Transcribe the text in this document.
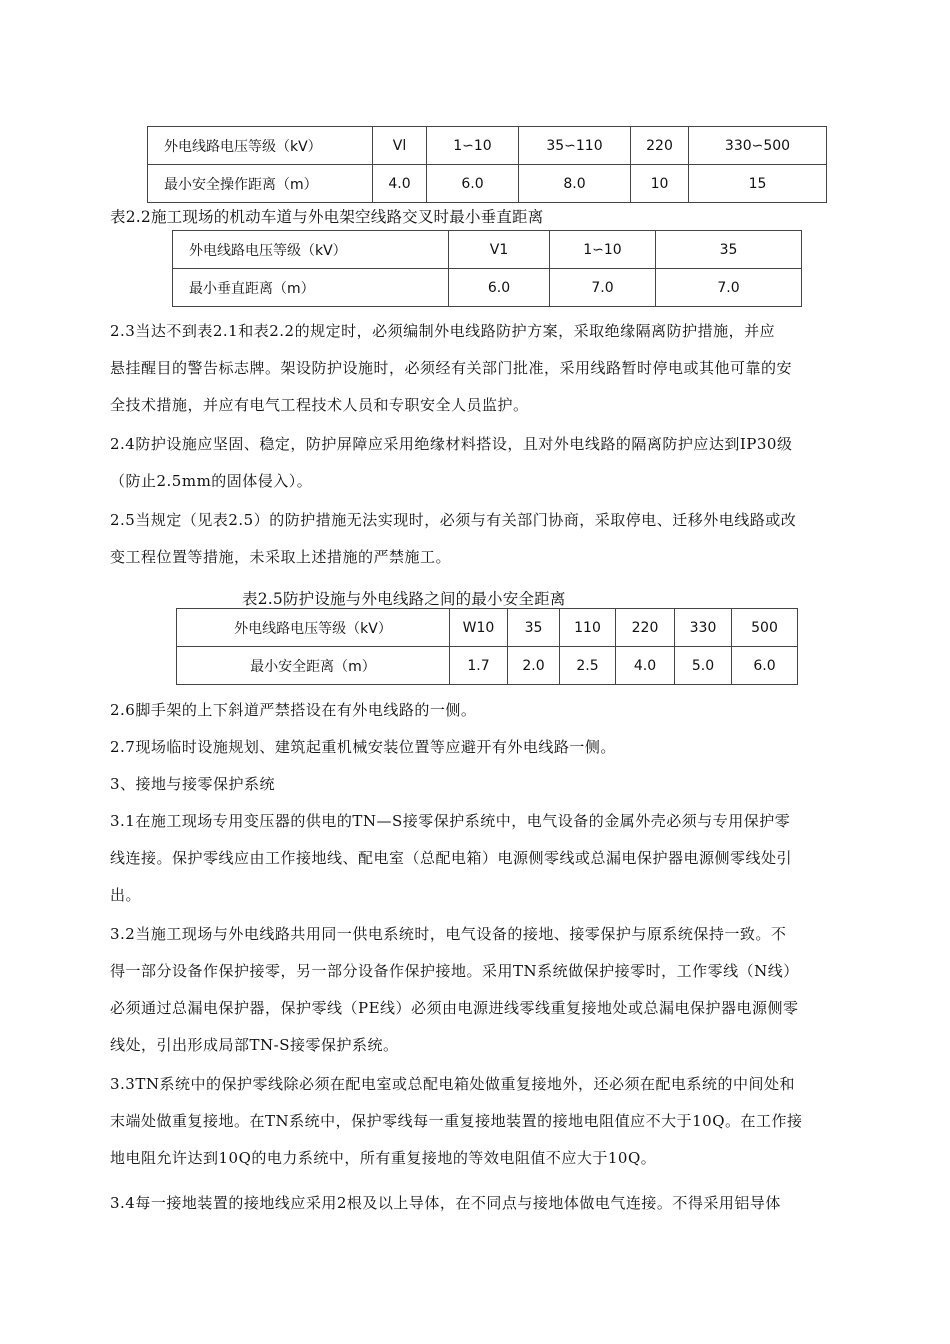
外电线路电压等级（kV）	Vl	1∽10	35∽110	220	330∽500
最小安全操作距离（m）	4.0	6.0	8.0	10	15
表2.2施工现场的机动车道与外电架空线路交叉时最小垂直距离
外电线路电压等级（kV）	V1	1∽10	35
最小垂直距离（m）	6.0	7.0	7.0
2.3当达不到表2.1和表2.2的规定时，必须编制外电线路防护方案，采取绝缘隔离防护措施，并应
悬挂醒目的警告标志牌。架设防护设施时，必须经有关部门批准，采用线路暂时停电或其他可靠的安
全技术措施，并应有电气工程技术人员和专职安全人员监护。
2.4防护设施应坚固、稳定，防护屏障应采用绝缘材料搭设，且对外电线路的隔离防护应达到IP30级
（防止2.5mm的固体侵入）。
2.5当规定（见表2.5）的防护措施无法实现时，必须与有关部门协商，采取停电、迁移外电线路或改
变工程位置等措施，未采取上述措施的严禁施工。
表2.5防护设施与外电线路之间的最小安全距离
外电线路电压等级（kV）	W10	35	110	220	330	500
最小安全距离（m）	1.7	2.0	2.5	4.0	5.0	6.0
2.6脚手架的上下斜道严禁搭设在有外电线路的一侧。
2.7现场临时设施规划、建筑起重机械安装位置等应避开有外电线路一侧。
3、接地与接零保护系统
3.1在施工现场专用变压器的供电的TN—S接零保护系统中，电气设备的金属外壳必须与专用保护零
线连接。保护零线应由工作接地线、配电室（总配电箱）电源侧零线或总漏电保护器电源侧零线处引
出。
3.2当施工现场与外电线路共用同一供电系统时，电气设备的接地、接零保护与原系统保持一致。不
得一部分设备作保护接零，另一部分设备作保护接地。采用TN系统做保护接零时，工作零线（N线）
必须通过总漏电保护器，保护零线（PE线）必须由电源进线零线重复接地处或总漏电保护器电源侧零
线处，引出形成局部TN-S接零保护系统。
3.3TN系统中的保护零线除必须在配电室或总配电箱处做重复接地外，还必须在配电系统的中间处和
末端处做重复接地。在TN系统中，保护零线每一重复接地装置的接地电阻值应不大于10Q。在工作接
地电阻允许达到10Q的电力系统中，所有重复接地的等效电阻值不应大于10Q。
3.4每一接地装置的接地线应采用2根及以上导体，在不同点与接地体做电气连接。不得采用铝导体
